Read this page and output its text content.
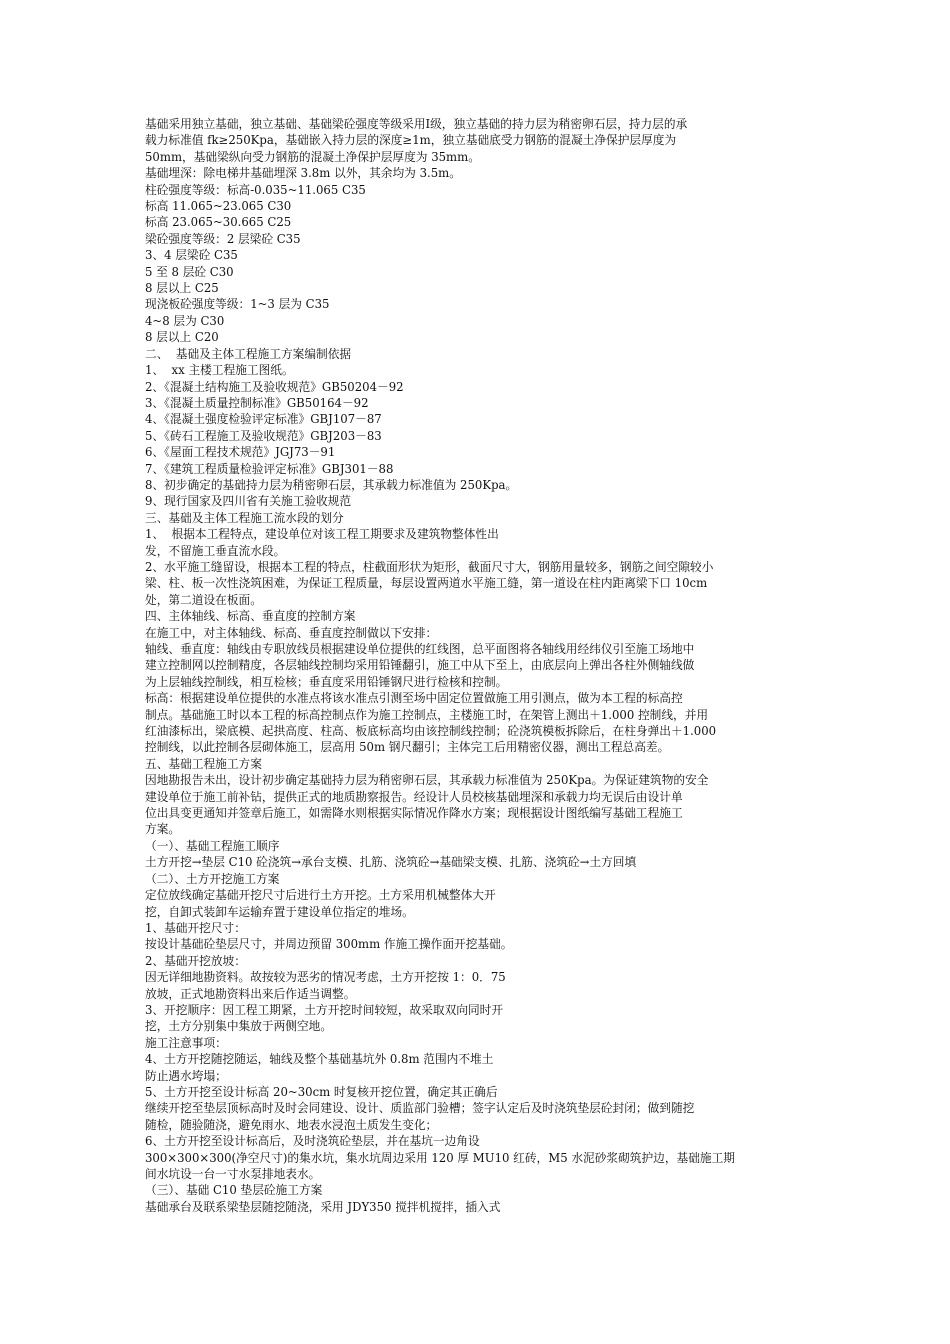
基础采用独立基础，独立基础、基础梁砼强度等级采用Ⅰ级，独立基础的持力层为稍密卵石层，持力层的承
载力标准值 fk≥250Kpa，基础嵌入持力层的深度≥1m，独立基础底受力钢筋的混凝土净保护层厚度为
50mm，基础梁纵向受力钢筋的混凝土净保护层厚度为 35mm。
基础埋深：除电梯井基础埋深 3.8m 以外，其余均为 3.5m。
柱砼强度等级：标高-0.035~11.065 C35
标高 11.065~23.065 C30
标高 23.065~30.665 C25
梁砼强度等级：2 层梁砼 C35
3、4 层梁砼 C35
5 至 8 层砼 C30
8 层以上 C25
现浇板砼强度等级：1~3 层为 C35
4~8 层为 C30
8 层以上 C20
二、  基础及主体工程施工方案编制依据
1、  xx 主楼工程施工图纸。
2、《混凝土结构施工及验收规范》GB50204－92
3、《混凝土质量控制标准》GB50164－92
4、《混凝土强度检验评定标准》GBJ107－87
5、《砖石工程施工及验收规范》GBJ203－83
6、《屋面工程技术规范》JGJ73－91
7、《建筑工程质量检验评定标准》GBJ301－88
8、初步确定的基础持力层为稍密卵石层，其承载力标准值为 250Kpa。
9、现行国家及四川省有关施工验收规范
三、基础及主体工程施工流水段的划分
1、  根据本工程特点，建设单位对该工程工期要求及建筑物整体性出
发，不留施工垂直流水段。
2、水平施工缝留设，根据本工程的特点，柱截面形状为矩形，截面尺寸大，钢筋用量较多，钢筋之间空隙较小
梁、柱、板一次性浇筑困难，为保证工程质量，每层设置两道水平施工缝，第一道设在柱内距离梁下口 10cm
处，第二道设在板面。
四、主体轴线、标高、垂直度的控制方案
在施工中，对主体轴线、标高、垂直度控制做以下安排：
轴线、垂直度：轴线由专职放线员根据建设单位提供的红线图，总平面图将各轴线用经纬仪引至施工场地中
建立控制网以控制精度，各层轴线控制均采用铅锤翻引，施工中从下至上，由底层向上弹出各柱外侧轴线做
为上层轴线控制线，相互检核；垂直度采用铅锤钢尺进行检核和控制。
标高：根据建设单位提供的水准点将该水准点引测至场中固定位置做施工用引测点，做为本工程的标高控
制点。基础施工时以本工程的标高控制点作为施工控制点，主楼施工时，在架管上测出＋1.000 控制线，并用
红油漆标出，梁底模、起拱高度、柱高、板底标高均由该控制线控制；砼浇筑模板拆除后，在柱身弹出＋1.000
控制线，以此控制各层砌体施工，层高用 50m 钢尺翻引；主体完工后用精密仪器，测出工程总高差。
五、基础工程施工方案
因地勘报告未出，设计初步确定基础持力层为稍密卵石层，其承载力标准值为 250Kpa。为保证建筑物的安全
建设单位于施工前补钻，提供正式的地质勘察报告。经设计人员校核基础埋深和承载力均无误后由设计单
位出具变更通知并签章后施工，如需降水则根据实际情况作降水方案；现根据设计图纸编写基础工程施工
方案。
（一）、基础工程施工顺序
土方开挖→垫层 C10 砼浇筑→承台支模、扎筋、浇筑砼→基础梁支模、扎筋、浇筑砼→土方回填
（二）、土方开挖施工方案
定位放线确定基础开挖尺寸后进行土方开挖。土方采用机械整体大开
挖，自卸式装卸车运输弃置于建设单位指定的堆场。
1、基础开挖尺寸：
按设计基础砼垫层尺寸，并周边预留 300mm 作施工操作面开挖基础。
2、基础开挖放坡：
因无详细地勘资料。故按较为恶劣的情况考虑，土方开挖按 1：0．75
放坡，正式地勘资料出来后作适当调整。
3、开挖顺序：因工程工期紧，土方开挖时间较短，故采取双向同时开
挖，土方分别集中集放于两侧空地。
施工注意事项：
4、土方开挖随挖随运，轴线及整个基础基坑外 0.8m 范围内不堆土
防止遇水垮塌；
5、土方开挖至设计标高 20~30cm 时复核开挖位置，确定其正确后
继续开挖至垫层顶标高时及时会同建设、设计、质监部门验槽；签字认定后及时浇筑垫层砼封闭；做到随挖
随检，随验随浇，避免雨水、地表水浸泡土质发生变化；
6、土方开挖至设计标高后，及时浇筑砼垫层，并在基坑一边角设
300×300×300(净空尺寸)的集水坑，集水坑周边采用 120 厚 MU10 红砖，M5 水泥砂浆砌筑护边，基础施工期
间水坑设一台一寸水泵排地表水。
（三）、基础 C10 垫层砼施工方案
基础承台及联系梁垫层随挖随浇，采用 JDY350 搅拌机搅拌，插入式
